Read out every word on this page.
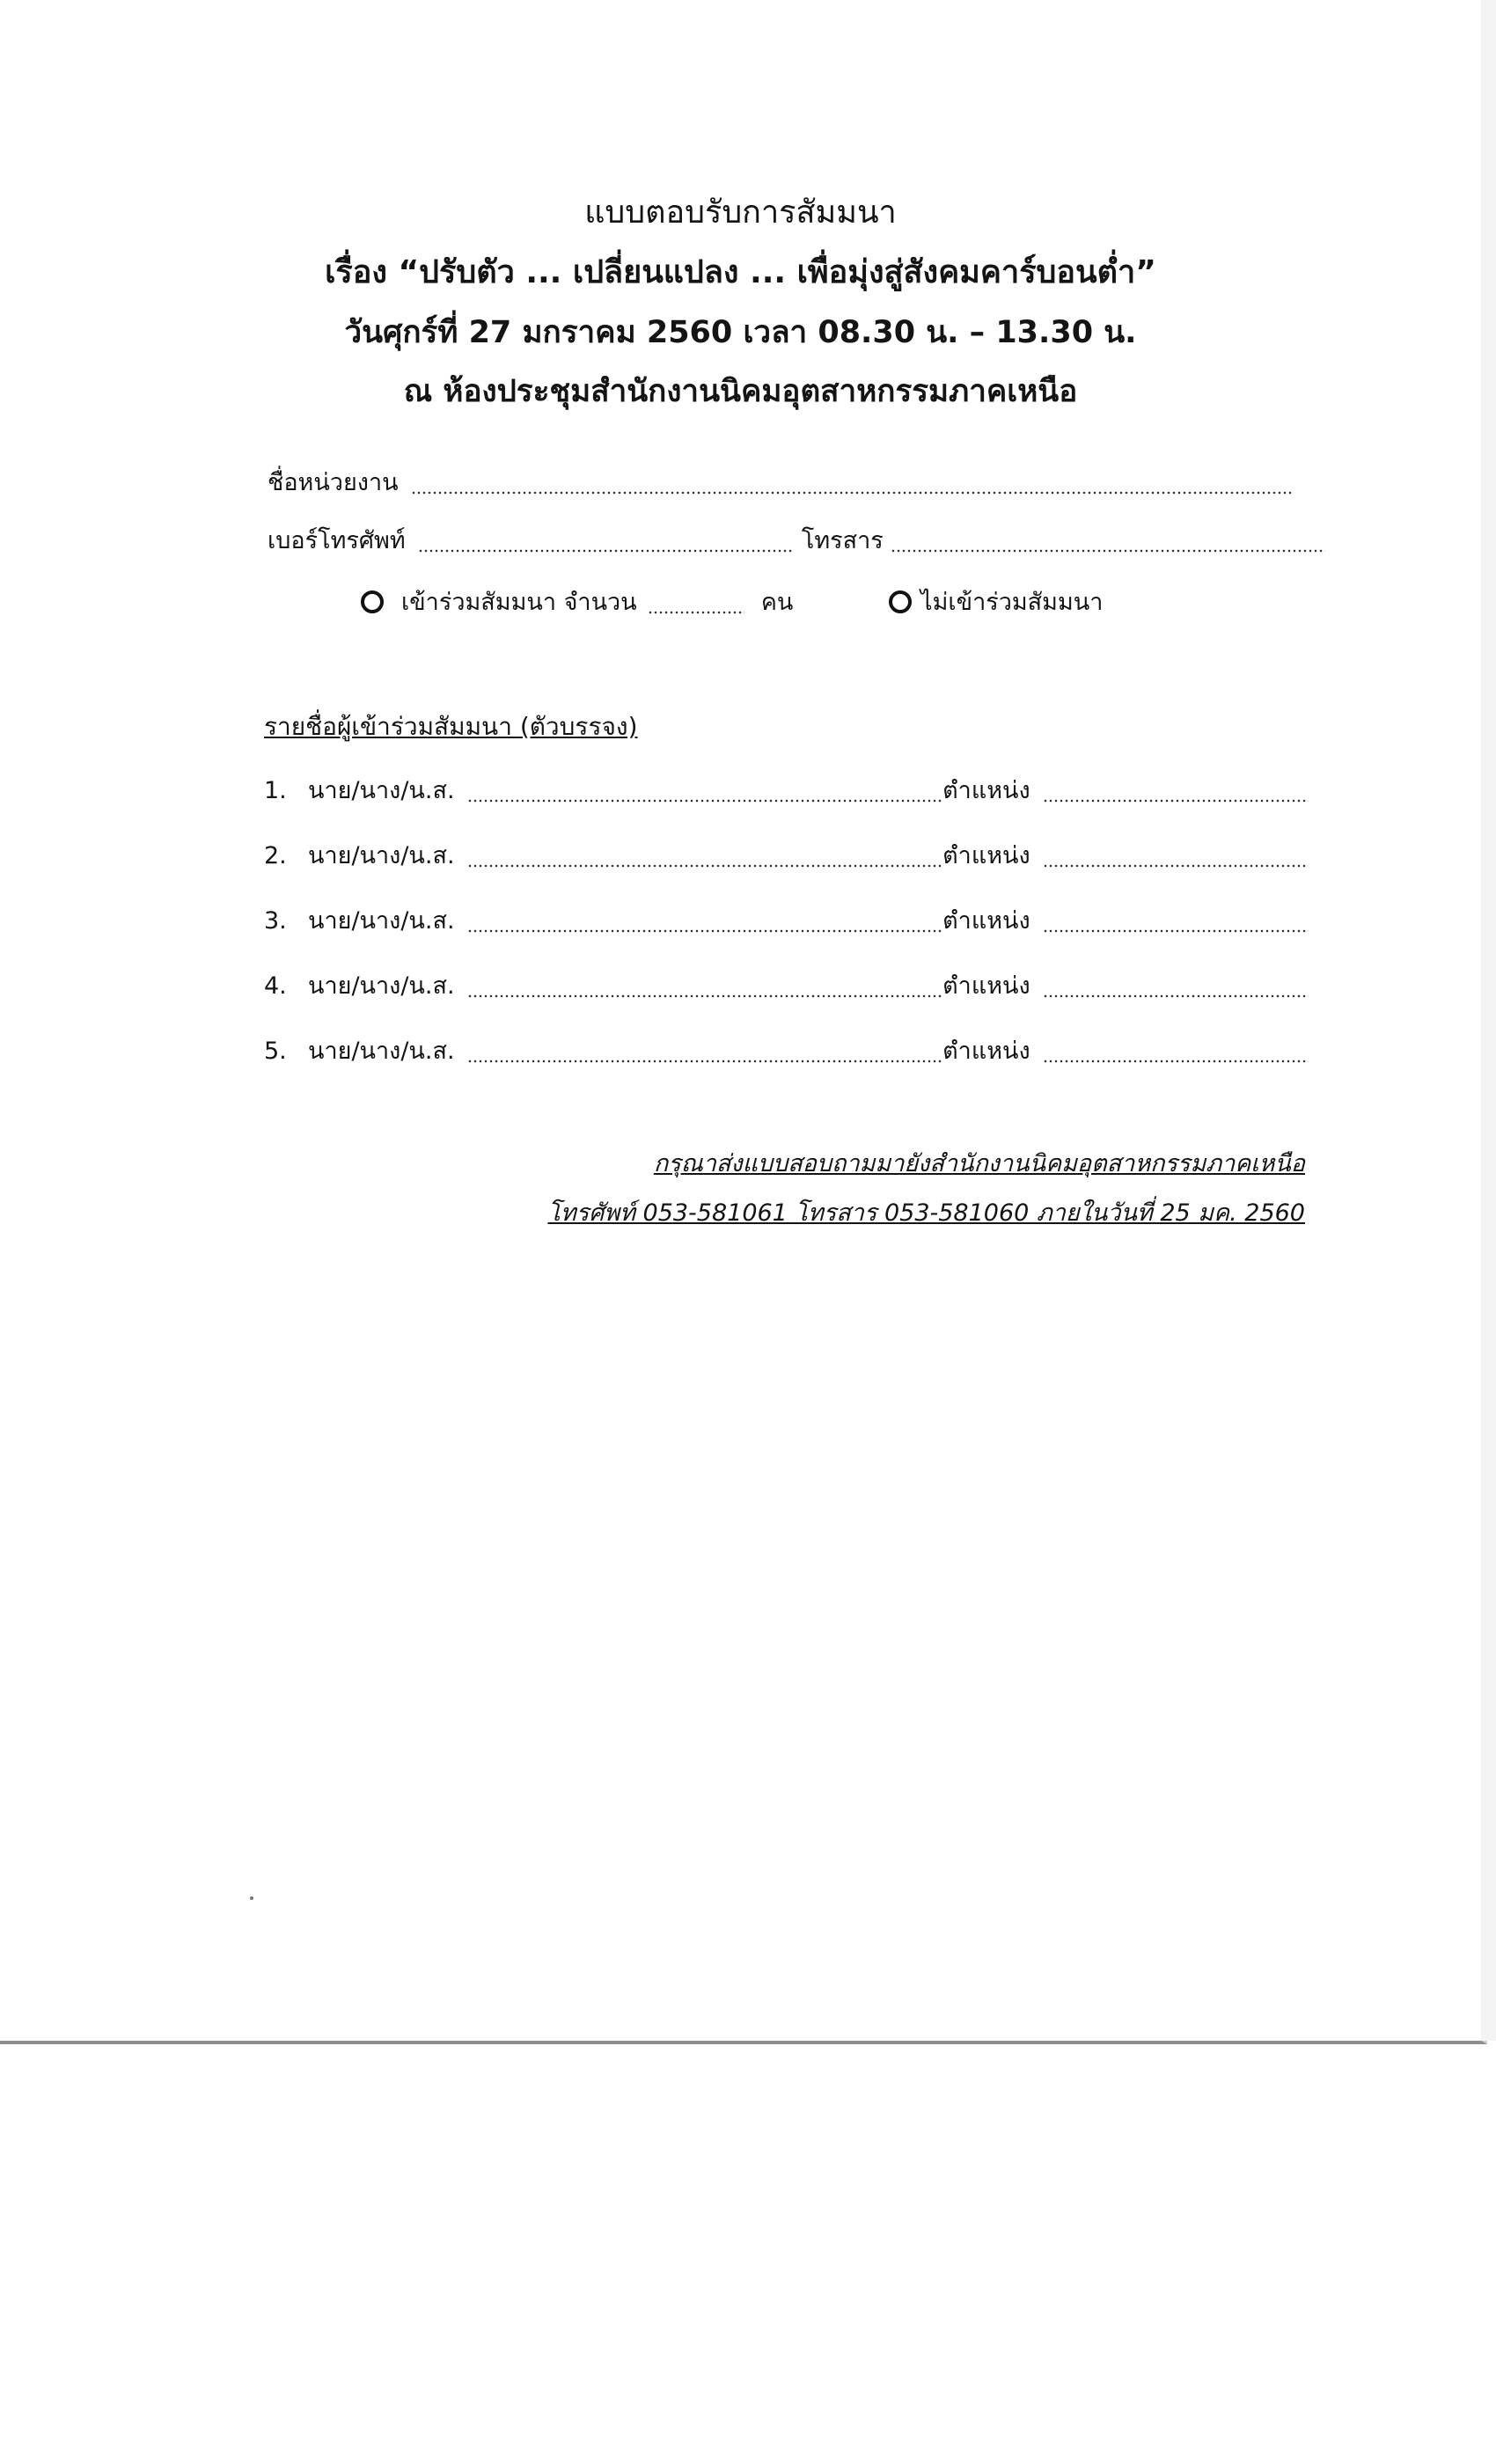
แบบตอบรับการสัมมนา
เรื่อง “ปรับตัว ... เปลี่ยนแปลง ... เพื่อมุ่งสู่สังคมคาร์บอนต่ำ”
วันศุกร์ที่ 27 มกราคม 2560 เวลา 08.30 น. – 13.30 น.
ณ ห้องประชุมสำนักงานนิคมอุตสาหกรรมภาคเหนือ
ชื่อหน่วยงาน
เบอร์โทรศัพท์	โทรสาร
เข้าร่วมสัมมนา จำนวน	คน	ไม่เข้าร่วมสัมมนา
รายชื่อผู้เข้าร่วมสัมมนา (ตัวบรรจง)
1. นาย/นาง/น.ส.	ตำแหน่ง
2. นาย/นาง/น.ส.	ตำแหน่ง
3. นาย/นาง/น.ส.	ตำแหน่ง
4. นาย/นาง/น.ส.	ตำแหน่ง
5. นาย/นาง/น.ส.	ตำแหน่ง
กรุณาส่งแบบสอบถามมายังสำนักงานนิคมอุตสาหกรรมภาคเหนือ
โทรศัพท์ 053-581061 โทรสาร 053-581060 ภายในวันที่ 25 มค. 2560
